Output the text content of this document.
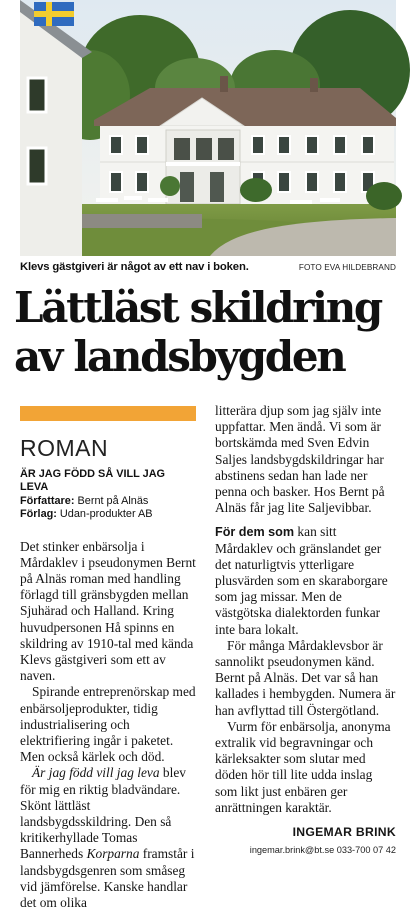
Klevs gästgiveri är något av ett nav i boken.	FOTO EVA HILDEBRAND
Lättläst skildring
av landsbygden
ROMAN
ÄR JAG FÖDD SÅ VILL JAG LEVA
Författare: Bernt på Alnäs
Förlag: Udan-produkter AB

Det stinker enbärsolja i Mårdaklev i pseudonymen Bernt på Alnäs roman med handling förlagd till gränsbygden mellan Sjuhärad och Halland. Kring huvudpersonen Hå spinns en skildring av 1910-tal med kända Klevs gästgiveri som ett av naven.

Spirande entreprenörskap med enbärsoljeprodukter, tidig industrialisering och elektrifiering ingår i paketet. Men också kärlek och död.

Är jag född vill jag leva blev för mig en riktig bladvändare. Skönt lättläst landsbygdsskildring. Den så kritikerhyllade Tomas Bannerheds Korparna framstår i landsbygdsgenren som småseg vid jämförelse. Kanske handlar det om olika

litterära djup som jag själv inte uppfattar. Men ändå. Vi som är bortskämda med Sven Edvin Saljes landsbygdskildringar har abstinens sedan han lade ner penna och basker. Hos Bernt på Alnäs får jag lite Saljevibbar.

För dem som kan sitt Mårdaklev och gränslandet ger det naturligtvis ytterligare plusvärden som en skaraborgare som jag missar. Men de västgötska dialektorden funkar inte bara lokalt.

För många Mårdaklevsbor är sannolikt pseudonymen känd. Bernt på Alnäs. Det var så han kallades i hembygden. Numera är han avflyttad till Östergötland.

Vurm för enbärsolja, anonyma extralik vid begravningar och kärleksakter som slutar med döden hör till lite udda inslag som likt just enbären ger anrättningen karaktär.

INGEMAR BRINK
ingemar.brink@bt.se 033-700 07 42
